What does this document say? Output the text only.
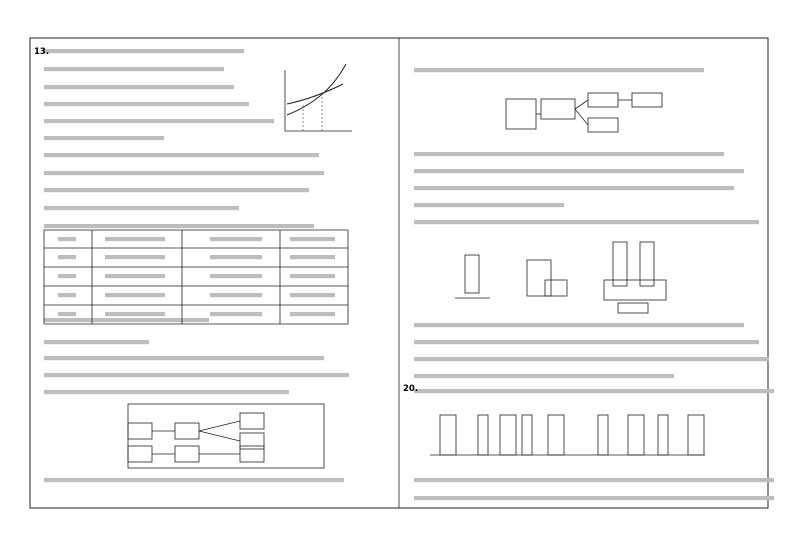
13.
20.
